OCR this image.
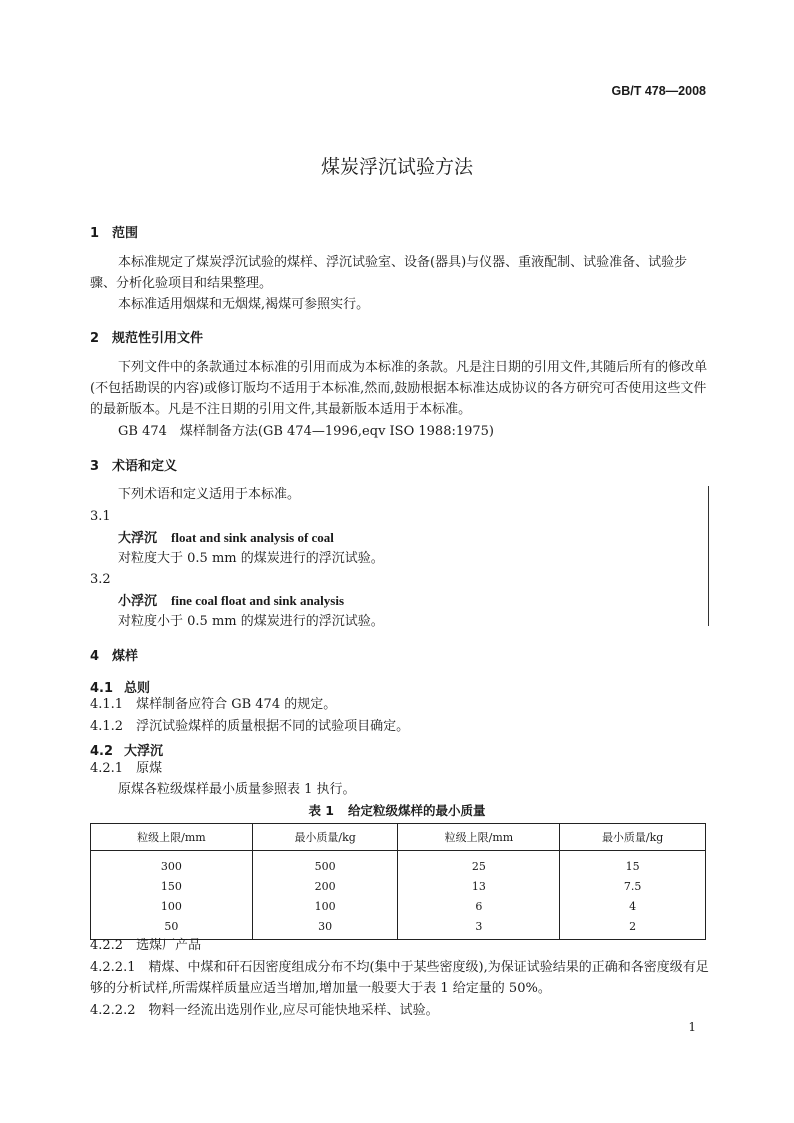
GB/T 478—2008
煤炭浮沉试验方法
1 范围
本标准规定了煤炭浮沉试验的煤样、浮沉试验室、设备(器具)与仪器、重液配制、试验准备、试验步骤、分析化验项目和结果整理。
本标准适用烟煤和无烟煤,褐煤可参照实行。
2 规范性引用文件
下列文件中的条款通过本标准的引用而成为本标准的条款。凡是注日期的引用文件,其随后所有的修改单(不包括勘误的内容)或修订版均不适用于本标准,然而,鼓励根据本标准达成协议的各方研究可否使用这些文件的最新版本。凡是不注日期的引用文件,其最新版本适用于本标准。
GB 474　煤样制备方法(GB 474—1996,eqv ISO 1988:1975)
3 术语和定义
下列术语和定义适用于本标准。
3.1
大浮沉 float and sink analysis of coal
对粒度大于 0.5 mm 的煤炭进行的浮沉试验。
3.2
小浮沉 fine coal float and sink analysis
对粒度小于 0.5 mm 的煤炭进行的浮沉试验。
4 煤样
4.1 总则
4.1.1　煤样制备应符合 GB 474 的规定。
4.1.2　浮沉试验煤样的质量根据不同的试验项目确定。
4.2 大浮沉
4.2.1　原煤
原煤各粒级煤样最小质量参照表 1 执行。
表 1 给定粒级煤样的最小质量
粒级上限/mm	最小质量/kg	粒级上限/mm	最小质量/kg
300	500	25	15
150	200	13	7.5
100	100	6	4
50	30	3	2
4.2.2　选煤厂产品
4.2.2.1　精煤、中煤和矸石因密度组成分布不均(集中于某些密度级),为保证试验结果的正确和各密度级有足够的分析试样,所需煤样质量应适当增加,增加量一般要大于表 1 给定量的 50%。
4.2.2.2　物料一经流出选別作业,应尽可能快地采样、试验。
1
